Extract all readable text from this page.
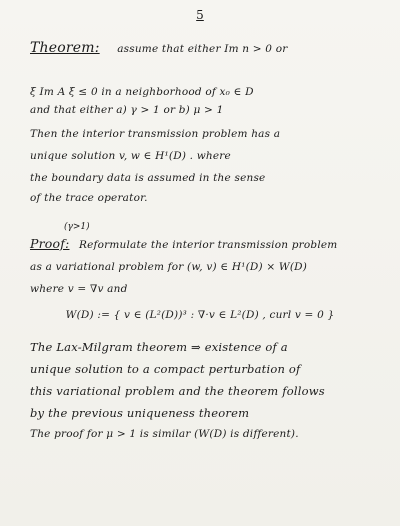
5
Theorem: assume that either Im n > 0 or
ξ Im A ξ ≤ 0 in a neighborhood of x₀ ∈ D
and that either a) γ > 1 or b) μ > 1
Then the interior transmission problem has a
unique solution v, w ∈ H¹(D) . where
the boundary data is assumed in the sense
of the trace operator.
(γ>1)
Proof: Reformulate the interior transmission problem
as a variational problem for (w, v) ∈ H¹(D) × W(D)
where v = ∇v and
W(D) := { v ∈ (L²(D))³ : ∇·v ∈ L²(D) , curl v = 0 }
The Lax-Milgram theorem ⇒ existence of a
unique solution to a compact perturbation of
this variational problem and the theorem follows
by the previous uniqueness theorem
The proof for μ > 1 is similar (W(D) is different).
